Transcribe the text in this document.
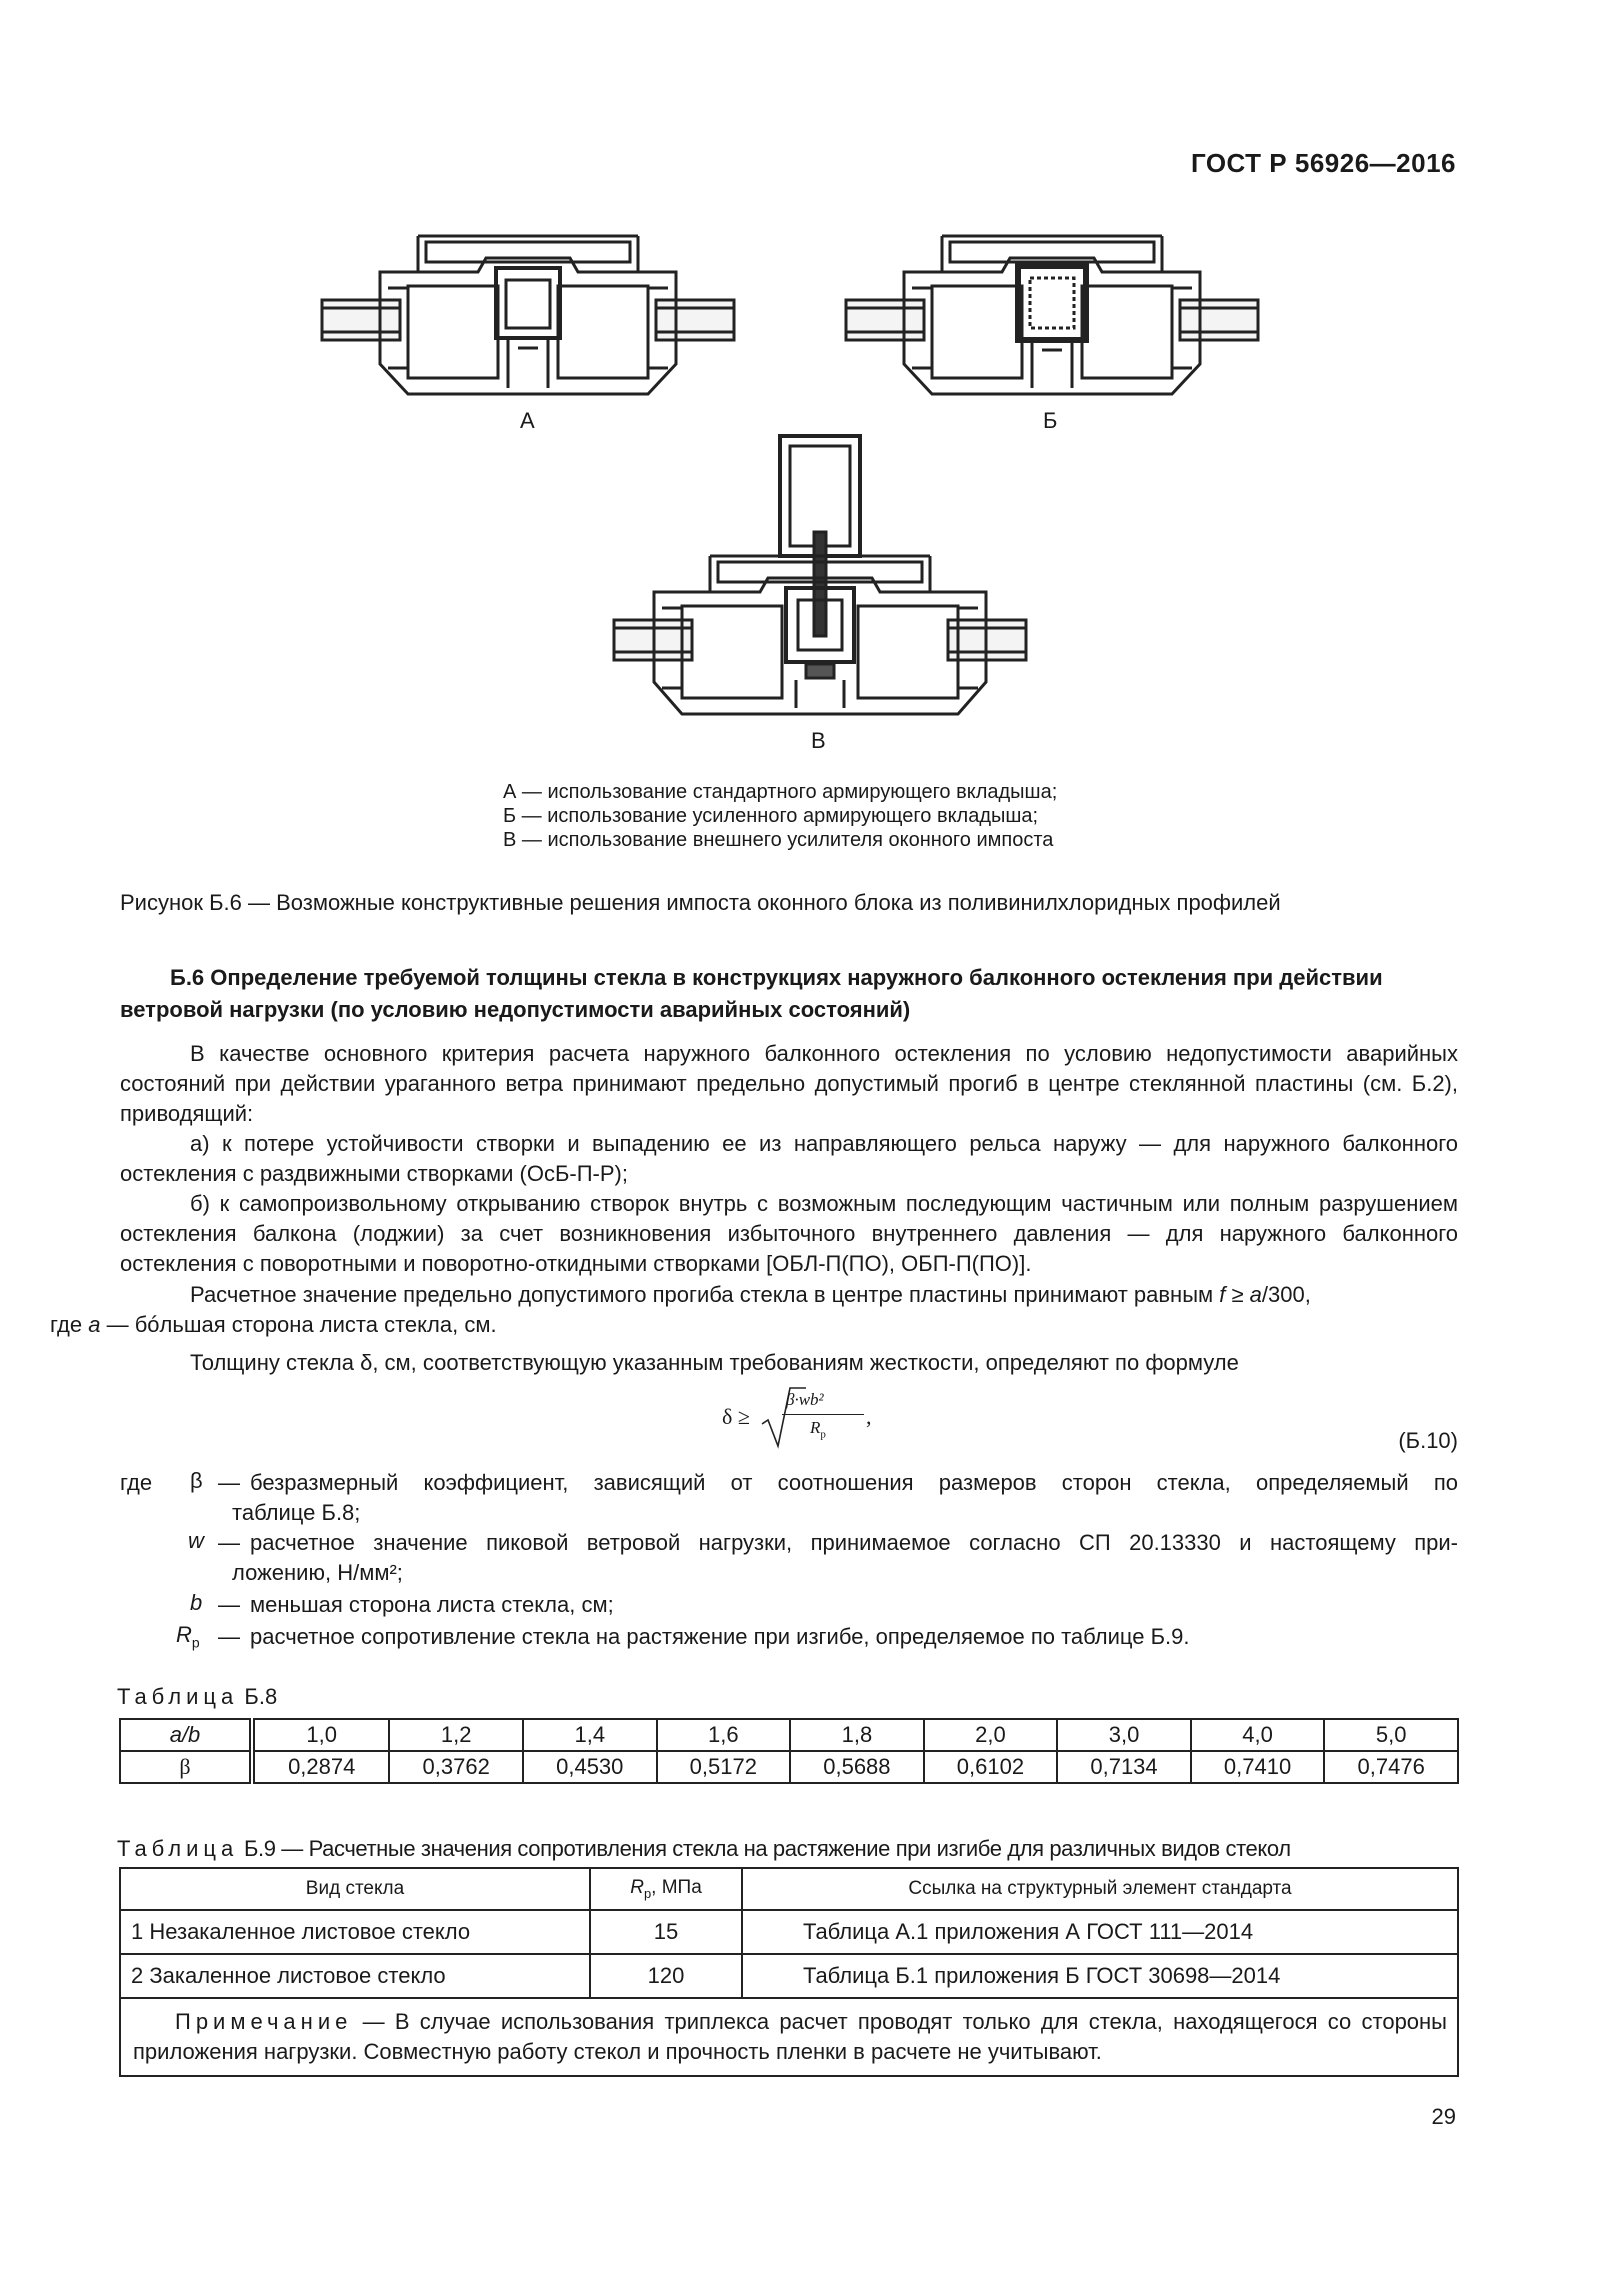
ГОСТ Р 56926—2016
А	Б
В
А — использование стандартного армирующего вкладыша;
Б — использование усиленного армирующего вкладыша;
В — использование внешнего усилителя оконного импоста
Рисунок Б.6 — Возможные конструктивные решения импоста оконного блока из поливинилхлоридных профилей
Б.6 Определение требуемой толщины стекла в конструкциях наружного балконного остекления при действии ветровой нагрузки (по условию недопустимости аварийных состояний)
В качестве основного критерия расчета наружного балконного остекления по условию недопустимости аварийных состояний при действии ураганного ветра принимают предельно допустимый прогиб в центре стеклянной пластины (см. Б.2), приводящий:
а) к потере устойчивости створки и выпадению ее из направляющего рельса наружу — для наружного балконного остекления с раздвижными створками (ОсБ-П-Р);
б) к самопроизвольному открыванию створок внутрь с возможным последующим частичным или полным разрушением остекления балкона (лоджии) за счет возникновения избыточного внутреннего давления — для наружного балконного остекления с поворотными и поворотно-откидными створками [ОБЛ-П(ПО), ОБП-П(ПО)].
Расчетное значение предельно допустимого прогиба стекла в центре пластины принимают равным f ≥ a/300,
где a — бóльшая сторона листа стекла, см.
Толщину стекла δ, см, соответствующую указанным требованиям жесткости, определяют по формуле
δ ≥
β·wb²
$R_р$
,
(Б.10)
где β — безразмерный коэффициент, зависящий от соотношения размеров сторон стекла, определяемый по
таблице Б.8;
w — расчетное значение пиковой ветровой нагрузки, принимаемое согласно СП 20.13330 и настоящему при-
ложению, Н/мм²;
b — меньшая сторона листа стекла, см;
$R_р$ — расчетное сопротивление стекла на растяжение при изгибе, определяемое по таблице Б.9.
Таблица Б.8
a/b	1,0	1,2	1,4	1,6	1,8	2,0	3,0	4,0	5,0
β	0,2874	0,3762	0,4530	0,5172	0,5688	0,6102	0,7134	0,7410	0,7476
Таблица Б.9 — Расчетные значения сопротивления стекла на растяжение при изгибе для различных видов стекол
Вид стекла	$R_р$, МПа	Ссылка на структурный элемент стандарта
1 Незакаленное листовое стекло	15	Таблица А.1 приложения А ГОСТ 111—2014
2 Закаленное листовое стекло	120	Таблица Б.1 приложения Б ГОСТ 30698—2014
Примечание — В случае использования триплекса расчет проводят только для стекла, находящегося со стороны приложения нагрузки. Совместную работу стекол и прочность пленки в расчете не учитывают.		
29
